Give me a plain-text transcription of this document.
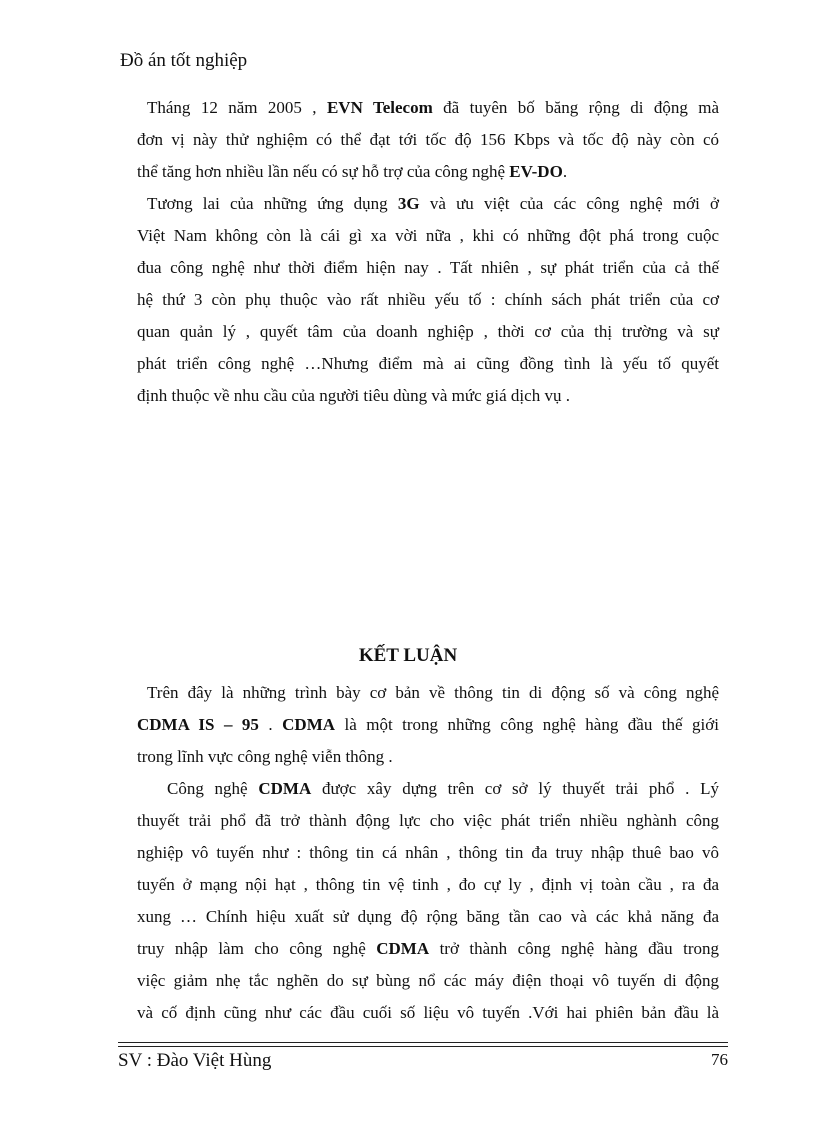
Đồ án tốt nghiệp
Tháng 12 năm 2005 , EVN Telecom đã tuyên bố băng rộng di động mà
đơn vị này thử nghiệm có thể đạt tới tốc độ 156 Kbps và tốc độ này còn có
thể tăng hơn nhiều lần nếu có sự hỗ trợ của công nghệ EV-DO.
Tương lai của những ứng dụng 3G và ưu việt của các công nghệ mới ở
Việt Nam không còn là cái gì xa vời nữa , khi có những đột phá trong cuộc
đua công nghệ như thời điểm hiện nay . Tất nhiên , sự phát triển của cả thế
hệ thứ 3 còn phụ thuộc vào rất nhiều yếu tố : chính sách phát triển của cơ
quan quản lý , quyết tâm của doanh nghiệp , thời cơ của thị trường và sự
phát triển công nghệ …Nhưng điểm mà ai cũng đồng tình là yếu tố quyết
định thuộc về nhu cầu của người tiêu dùng và mức giá dịch vụ .
KẾT LUẬN
Trên đây là những trình bày cơ bản về thông tin di động số và công nghệ
CDMA IS – 95 . CDMA là một trong những công nghệ hàng đầu thế giới
trong lĩnh vực công nghệ viễn thông .
Công nghệ CDMA được xây dựng trên cơ sở lý thuyết trải phổ . Lý
thuyết trải phổ đã trở thành động lực cho việc phát triển nhiều nghành công
nghiệp vô tuyến như : thông tin cá nhân , thông tin đa truy nhập thuê bao vô
tuyến ở mạng nội hạt , thông tin vệ tinh , đo cự ly , định vị toàn cầu , ra đa
xung … Chính hiệu xuất sử dụng độ rộng băng tần cao và các khả năng đa
truy nhập làm cho công nghệ CDMA trở thành công nghệ hàng đầu trong
việc giảm nhẹ tắc nghẽn do sự bùng nổ các máy điện thoại vô tuyến di động
và cố định cũng như các đầu cuối số liệu vô tuyến .Với hai phiên bản đầu là
SV : Đào Việt Hùng	76
